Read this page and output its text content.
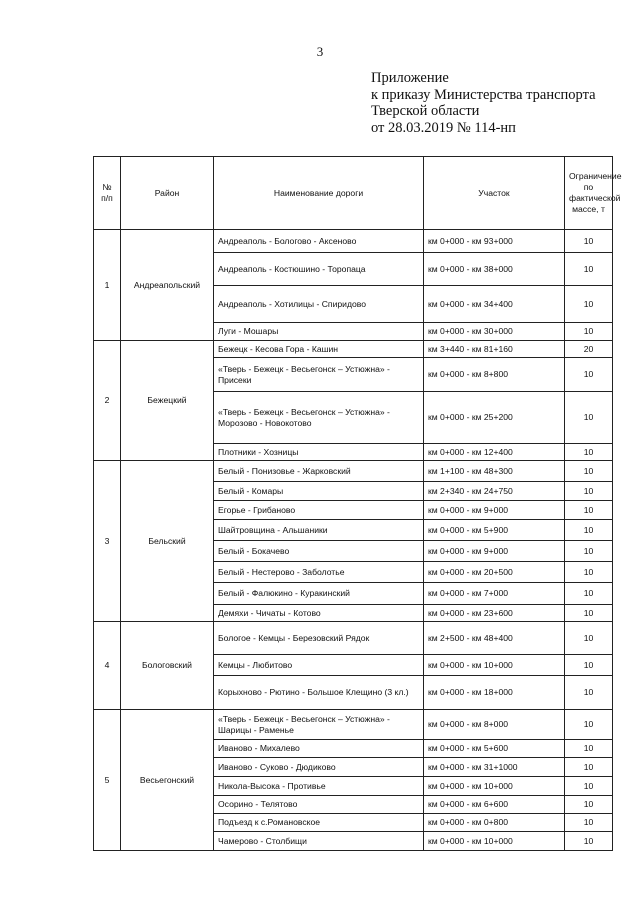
3
Приложение
к приказу Министерства транспорта
Тверской области
от 28.03.2019 № 114-нп
№ п/п	Район	Наименование дороги	Участок	Ограничение по фактической массе, т
1	Андреапольский	Андреаполь - Бологово - Аксеново	км 0+000 - км 93+000	10
		Андреаполь - Костюшино - Торопаца	км 0+000 - км 38+000	10
		Андреаполь - Хотилицы - Спиридово	км 0+000 - км 34+400	10
		Луги - Мошары	км 0+000 - км 30+000	10
2	Бежецкий	Бежецк - Кесова Гора - Кашин	км 3+440 - км 81+160	20
		«Тверь - Бежецк - Весьегонск – Устюжна» - Присеки	км 0+000 - км 8+800	10
		«Тверь - Бежецк - Весьегонск – Устюжна» - Морозово - Новокотово	км 0+000 - км 25+200	10
		Плотники - Хозницы	км 0+000 - км 12+400	10
3	Бельский	Белый - Понизовье - Жарковский	км 1+100 - км 48+300	10
		Белый - Комары	км 2+340 - км 24+750	10
		Егорье - Грибаново	км 0+000 - км 9+000	10
		Шайтровщина - Альшаники	км 0+000 - км 5+900	10
		Белый - Бокачево	км 0+000 - км 9+000	10
		Белый - Нестерово - Заболотье	км 0+000 - км 20+500	10
		Белый - Фалюкино - Куракинский	км 0+000 - км 7+000	10
		Демяхи - Чичаты - Котово	км 0+000 - км 23+600	10
4	Бологовский	Бологое - Кемцы - Березовский Рядок	км 2+500 - км 48+400	10
		Кемцы - Любитово	км 0+000 - км 10+000	10
		Корыхново - Рютино - Большое Клещино (3 кл.)	км 0+000 - км 18+000	10
5	Весьегонский	«Тверь - Бежецк - Весьегонск – Устюжна» - Шарицы - Раменье	км 0+000 - км 8+000	10
		Иваново - Михалево	км 0+000 - км 5+600	10
		Иваново - Суково - Дюдиково	км 0+000 - км 31+1000	10
		Никола-Высока - Противье	км 0+000 - км 10+000	10
		Осорино - Телятово	км 0+000 - км 6+600	10
		Подъезд к с.Романовское	км 0+000 - км 0+800	10
		Чамерово - Столбищи	км 0+000 - км 10+000	10
